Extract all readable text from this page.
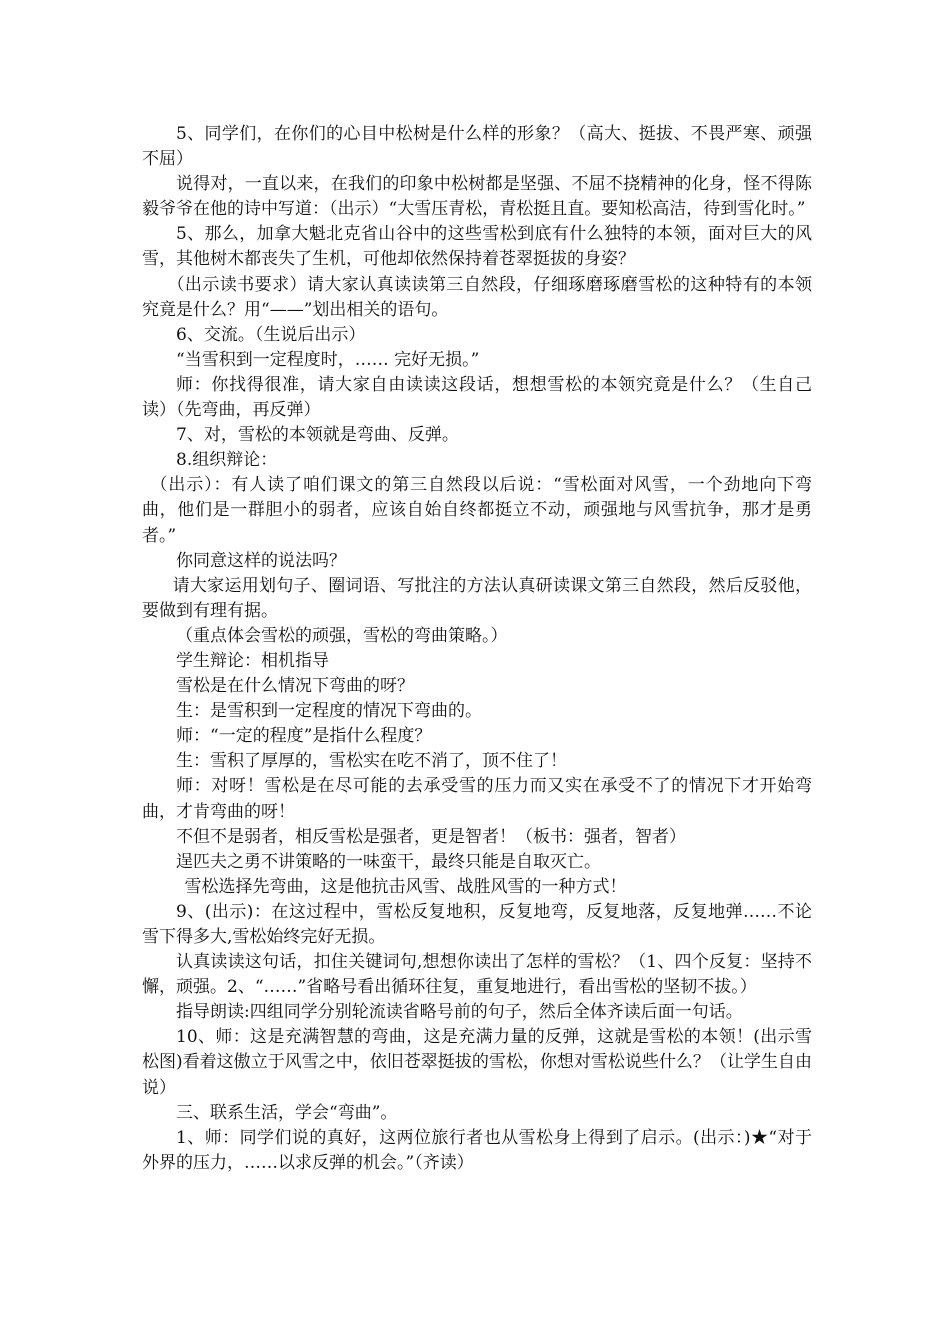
5、同学们，在你们的心目中松树是什么样的形象？（高大、挺拔、不畏严寒、顽强不屈）

说得对，一直以来，在我们的印象中松树都是坚强、不屈不挠精神的化身，怪不得陈毅爷爷在他的诗中写道：（出示）“大雪压青松，青松挺且直。要知松高洁，待到雪化时。”

5、那么，加拿大魁北克省山谷中的这些雪松到底有什么独特的本领，面对巨大的风雪，其他树木都丧失了生机，可他却依然保持着苍翠挺拔的身姿？

（出示读书要求）请大家认真读读第三自然段，仔细琢磨琢磨雪松的这种特有的本领究竟是什么？用“——”划出相关的语句。

6、交流。（生说后出示）

“当雪积到一定程度时，…… 完好无损。”

师：你找得很准，请大家自由读读这段话，想想雪松的本领究竟是什么？（生自己读）（先弯曲，再反弹）

7、对，雪松的本领就是弯曲、反弹。

8.组织辩论：

（出示）：有人读了咱们课文的第三自然段以后说：“雪松面对风雪，一个劲地向下弯曲，他们是一群胆小的弱者，应该自始自终都挺立不动，顽强地与风雪抗争，那才是勇者。”

你同意这样的说法吗？

请大家运用划句子、圈词语、写批注的方法认真研读课文第三自然段，然后反驳他，要做到有理有据。

（重点体会雪松的顽强，雪松的弯曲策略。）

学生辩论：相机指导

雪松是在什么情况下弯曲的呀？

生：是雪积到一定程度的情况下弯曲的。

师：“一定的程度”是指什么程度？

生：雪积了厚厚的，雪松实在吃不消了，顶不住了！

师：对呀！雪松是在尽可能的去承受雪的压力而又实在承受不了的情况下才开始弯曲，才肯弯曲的呀！

不但不是弱者，相反雪松是强者，更是智者！（板书：强者，智者）

逞匹夫之勇不讲策略的一味蛮干，最终只能是自取灭亡。

雪松选择先弯曲，这是他抗击风雪、战胜风雪的一种方式！

9、(出示)：在这过程中，雪松反复地积，反复地弯，反复地落，反复地弹……不论雪下得多大,雪松始终完好无损。

认真读读这句话，扣住关键词句,想想你读出了怎样的雪松？（1、四个反复：坚持不懈，顽强。2、“……”省略号看出循环往复，重复地进行，看出雪松的坚韧不拔。）

指导朗读:四组同学分别轮流读省略号前的句子，然后全体齐读后面一句话。

10、师：这是充满智慧的弯曲，这是充满力量的反弹，这就是雪松的本领！(出示雪松图)看着这傲立于风雪之中，依旧苍翠挺拔的雪松，你想对雪松说些什么？（让学生自由说）

三、联系生活，学会“弯曲”。

1、师：同学们说的真好，这两位旅行者也从雪松身上得到了启示。(出示：)★“对于外界的压力，……以求反弹的机会。”（齐读）
